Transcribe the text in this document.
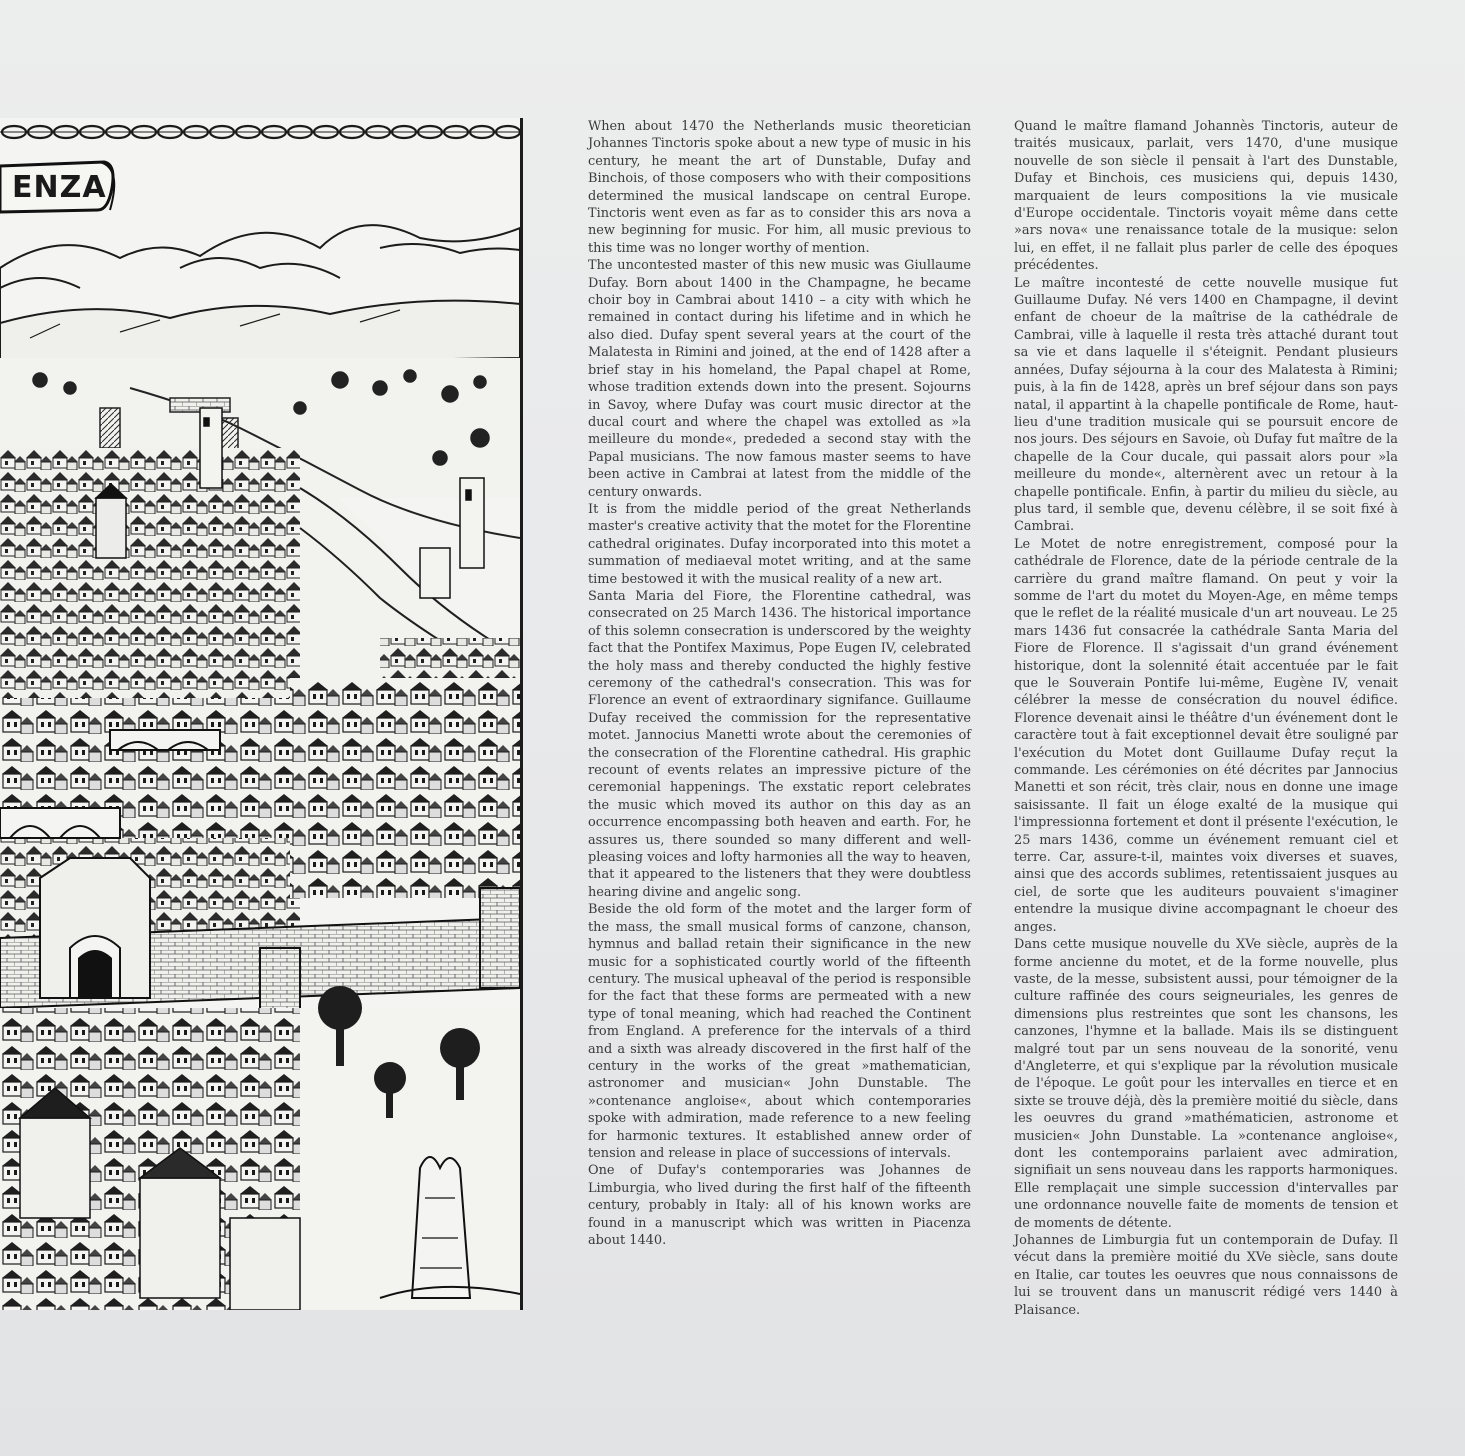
ENZA

When about 1470 the Netherlands music theoretician Johannes Tinctoris spoke about a new type of music in his century, he meant the art of Dunstable, Dufay and Binchois, of those composers who with their compositions determined the musical landscape on central Europe. Tinctoris went even as far as to consider this ars nova a new beginning for music. For him, all music previous to this time was no longer worthy of mention.

The uncontested master of this new music was Giullaume Dufay. Born about 1400 in the Champagne, he became choir boy in Cambrai about 1410 – a city with which he remained in contact during his lifetime and in which he also died. Dufay spent several years at the court of the Malatesta in Rimini and joined, at the end of 1428 after a brief stay in his homeland, the Papal chapel at Rome, whose tradition extends down into the present. Sojourns in Savoy, where Dufay was court music director at the ducal court and where the chapel was extolled as »la meilleure du monde«, prededed a second stay with the Papal musicians. The now famous master seems to have been active in Cambrai at latest from the middle of the century onwards.

It is from the middle period of the great Netherlands master's creative activity that the motet for the Florentine cathedral originates. Dufay incorporated into this motet a summation of mediaeval motet writing, and at the same time bestowed it with the musical reality of a new art.

Santa Maria del Fiore, the Florentine cathedral, was consecrated on 25 March 1436. The historical importance of this solemn consecration is underscored by the weighty fact that the Pontifex Maximus, Pope Eugen IV, celebrated the holy mass and thereby conducted the highly festive ceremony of the cathedral's consecration. This was for Florence an event of extraordinary signifance. Guillaume Dufay received the commission for the representative motet. Jannocius Manetti wrote about the ceremonies of the consecration of the Florentine cathedral. His graphic recount of events relates an impressive picture of the ceremonial happenings. The exstatic report celebrates the music which moved its author on this day as an occurrence encompassing both heaven and earth. For, he assures us, there sounded so many different and well-pleasing voices and lofty harmonies all the way to heaven, that it appeared to the listeners that they were doubtless hearing divine and angelic song.

Beside the old form of the motet and the larger form of the mass, the small musical forms of canzone, chanson, hymnus and ballad retain their significance in the new music for a sophisticated courtly world of the fifteenth century. The musical upheaval of the period is responsible for the fact that these forms are permeated with a new type of tonal meaning, which had reached the Continent from England. A preference for the intervals of a third and a sixth was already discovered in the first half of the century in the works of the great »mathematician, astronomer and musician« John Dunstable. The »contenance angloise«, about which contemporaries spoke with admiration, made reference to a new feeling for harmonic textures. It established annew order of tension and release in place of successions of intervals.

One of Dufay's contemporaries was Johannes de Limburgia, who lived during the first half of the fifteenth century, probably in Italy: all of his known works are found in a manuscript which was written in Piacenza about 1440.

Quand le maître flamand Johannès Tinctoris, auteur de traités musicaux, parlait, vers 1470, d'une musique nouvelle de son siècle il pensait à l'art des Dunstable, Dufay et Binchois, ces musiciens qui, depuis 1430, marquaient de leurs compositions la vie musicale d'Europe occidentale. Tinctoris voyait même dans cette »ars nova« une renaissance totale de la musique: selon lui, en effet, il ne fallait plus parler de celle des époques précédentes.

Le maître incontesté de cette nouvelle musique fut Guillaume Dufay. Né vers 1400 en Champagne, il devint enfant de choeur de la maîtrise de la cathédrale de Cambrai, ville à laquelle il resta très attaché durant tout sa vie et dans laquelle il s'éteignit. Pendant plusieurs années, Dufay séjourna à la cour des Malatesta à Rimini; puis, à la fin de 1428, après un bref séjour dans son pays natal, il appartint à la chapelle pontificale de Rome, haut-lieu d'une tradition musicale qui se poursuit encore de nos jours. Des séjours en Savoie, où Dufay fut maître de la chapelle de la Cour ducale, qui passait alors pour »la meilleure du monde«, alternèrent avec un retour à la chapelle pontificale. Enfin, à partir du milieu du siècle, au plus tard, il semble que, devenu célèbre, il se soit fixé à Cambrai.

Le Motet de notre enregistrement, composé pour la cathédrale de Florence, date de la période centrale de la carrière du grand maître flamand. On peut y voir la somme de l'art du motet du Moyen-Age, en même temps que le reflet de la réalité musicale d'un art nouveau. Le 25 mars 1436 fut consacrée la cathédrale Santa Maria del Fiore de Florence. Il s'agissait d'un grand événement historique, dont la solennité était accentuée par le fait que le Souverain Pontife lui-même, Eugène IV, venait célébrer la messe de consécration du nouvel édifice. Florence devenait ainsi le théâtre d'un événement dont le caractère tout à fait exceptionnel devait être souligné par l'exécution du Motet dont Guillaume Dufay reçut la commande. Les cérémonies on été décrites par Jannocius Manetti et son récit, très clair, nous en donne une image saisissante. Il fait un éloge exalté de la musique qui l'impressionna fortement et dont il présente l'exécution, le 25 mars 1436, comme un événement remuant ciel et terre. Car, assure-t-il, maintes voix diverses et suaves, ainsi que des accords sublimes, retentissaient jusques au ciel, de sorte que les auditeurs pouvaient s'imaginer entendre la musique divine accompagnant le choeur des anges.

Dans cette musique nouvelle du XVe siècle, auprès de la forme ancienne du motet, et de la forme nouvelle, plus vaste, de la messe, subsistent aussi, pour témoigner de la culture raffinée des cours seigneuriales, les genres de dimensions plus restreintes que sont les chansons, les canzones, l'hymne et la ballade. Mais ils se distinguent malgré tout par un sens nouveau de la sonorité, venu d'Angleterre, et qui s'explique par la révolution musicale de l'époque. Le goût pour les intervalles en tierce et en sixte se trouve déjà, dès la première moitié du siècle, dans les oeuvres du grand »mathématicien, astronome et musicien« John Dunstable. La »contenance angloise«, dont les contemporains parlaient avec admiration, signifiait un sens nouveau dans les rapports harmoniques. Elle remplaçait une simple succession d'intervalles par une ordonnance nouvelle faite de moments de tension et de moments de détente.

Johannes de Limburgia fut un contemporain de Dufay. Il vécut dans la première moitié du XVe siècle, sans doute en Italie, car toutes les oeuvres que nous connaissons de lui se trouvent dans un manuscrit rédigé vers 1440 à Plaisance.
